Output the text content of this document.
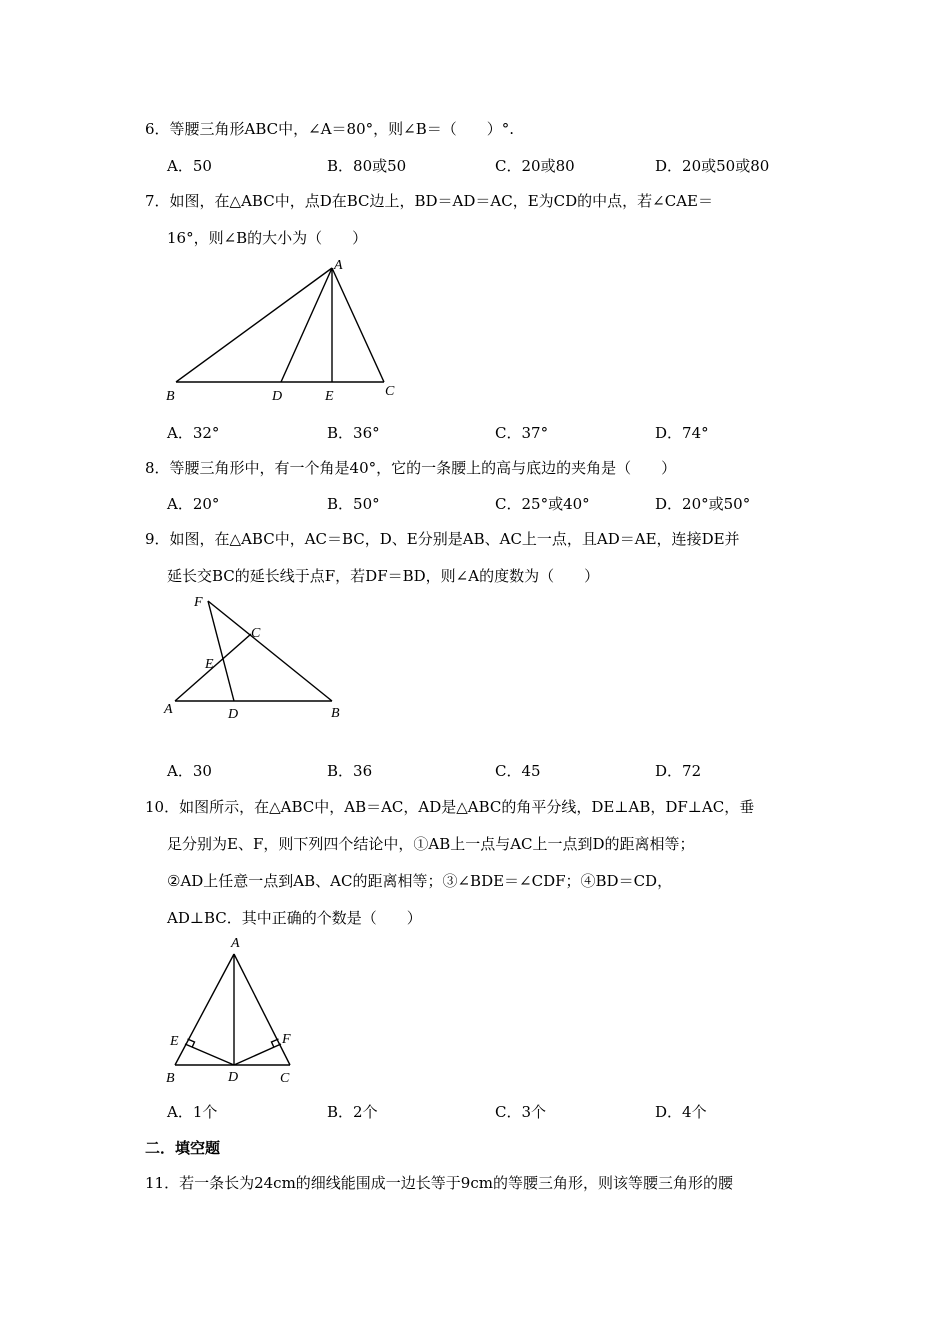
6．等腰三角形ABC中，∠A＝80°，则∠B＝（　　）°.
A．50	B．80或50	C．20或80	D．20或50或80
7．如图，在△ABC中，点D在BC边上，BD＝AD＝AC，E为CD的中点，若∠CAE＝
16°，则∠B的大小为（　　）
A
B	D	E	C
A．32°	B．36°	C．37°	D．74°
8．等腰三角形中，有一个角是40°，它的一条腰上的高与底边的夹角是（　　）
A．20°	B．50°	C．25°或40°	D．20°或50°
9．如图，在△ABC中，AC＝BC，D、E分别是AB、AC上一点，且AD＝AE，连接DE并
延长交BC的延长线于点F，若DF＝BD，则∠A的度数为（　　）
F
C
E
A	D	B
A．30	B．36	C．45	D．72
10．如图所示，在△ABC中，AB＝AC，AD是△ABC的角平分线，DE⊥AB，DF⊥AC，垂
足分别为E、F，则下列四个结论中，①AB上一点与AC上一点到D的距离相等；
②AD上任意一点到AB、AC的距离相等；③∠BDE＝∠CDF；④BD＝CD，
AD⊥BC．其中正确的个数是（　　）
A
E	F
B	D	C
A．1个	B．2个	C．3个	D．4个
二．填空题
11．若一条长为24cm的细线能围成一边长等于9cm的等腰三角形，则该等腰三角形的腰
